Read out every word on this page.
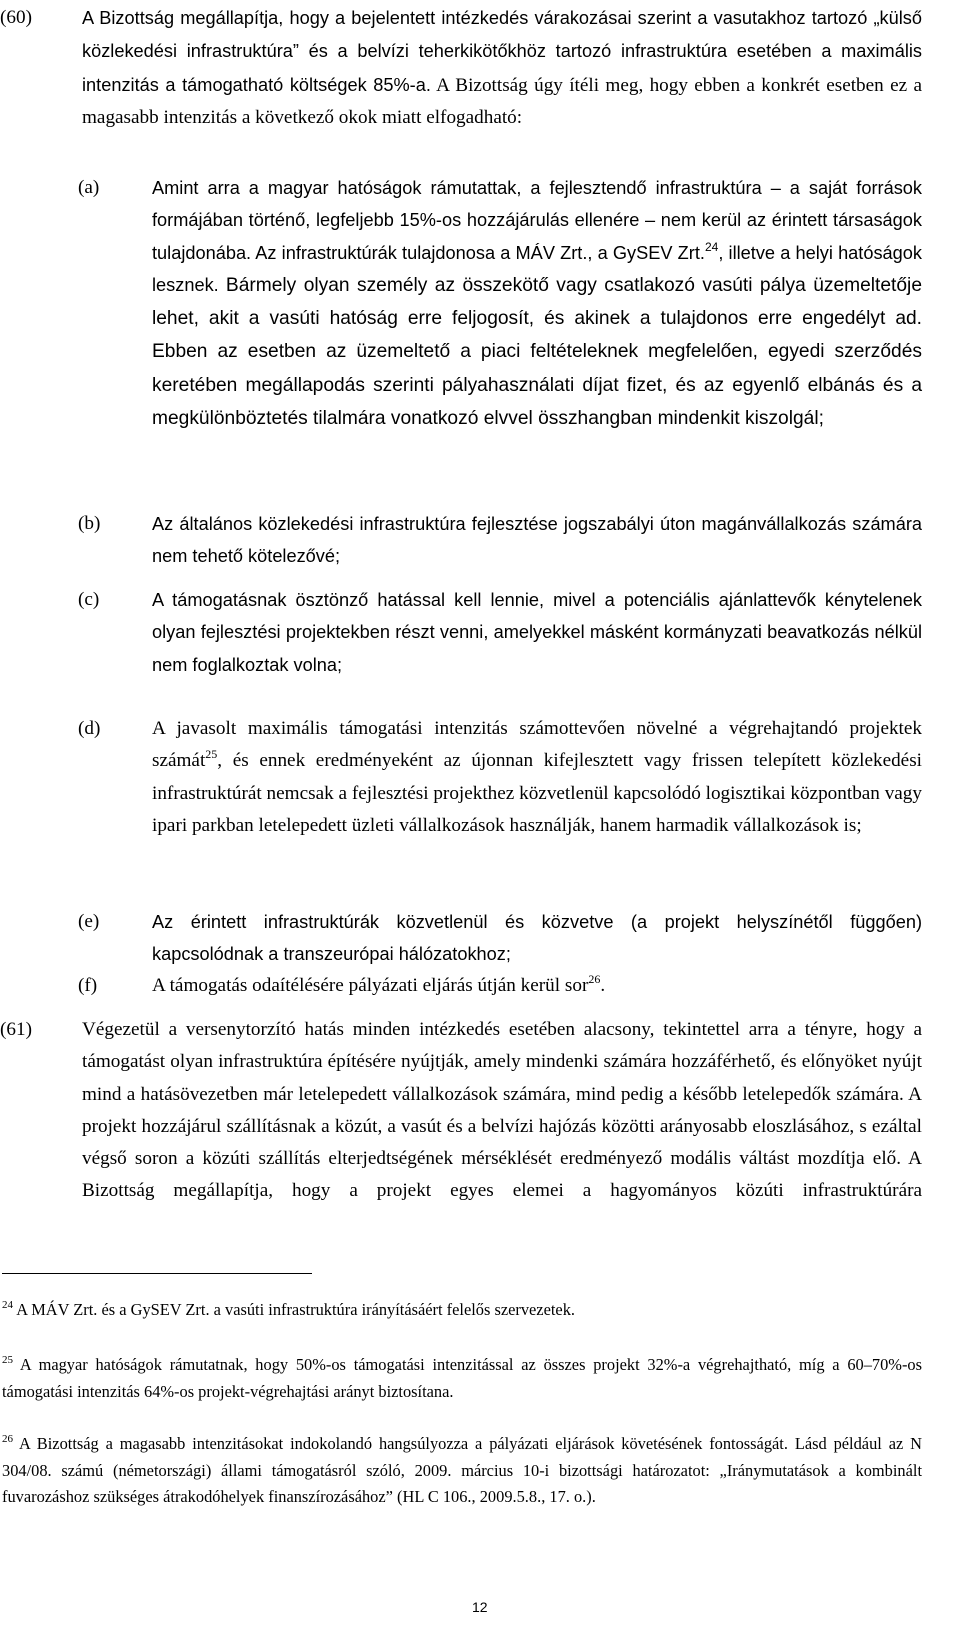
(60)	A Bizottság megállapítja, hogy a bejelentett intézkedés várakozásai szerint a vasutakhoz tartozó „külső közlekedési infrastruktúra” és a belvízi teherkikötőkhöz tartozó infrastruktúra esetében a maximális intenzitás a támogatható költségek 85%-a. A Bizottság úgy ítéli meg, hogy ebben a konkrét esetben ez a magasabb intenzitás a következő okok miatt elfogadható:
(a)	Amint arra a magyar hatóságok rámutattak, a fejlesztendő infrastruktúra – a saját források formájában történő, legfeljebb 15%-os hozzájárulás ellenére – nem kerül az érintett társaságok tulajdonába. Az infrastruktúrák tulajdonosa a MÁV Zrt., a GySEV Zrt.$^{24}$, illetve a helyi hatóságok lesznek. Bármely olyan személy az összekötő vagy csatlakozó vasúti pálya üzemeltetője lehet, akit a vasúti hatóság erre feljogosít, és akinek a tulajdonos erre engedélyt ad. Ebben az esetben az üzemeltető a piaci feltételeknek megfelelően, egyedi szerződés keretében megállapodás szerinti pályahasználati díjat fizet, és az egyenlő elbánás és a megkülönböztetés tilalmára vonatkozó elvvel összhangban mindenkit kiszolgál;
(b)	Az általános közlekedési infrastruktúra fejlesztése jogszabályi úton magánvállalkozás számára nem tehető kötelezővé;
(c)	A támogatásnak ösztönző hatással kell lennie, mivel a potenciális ajánlattevők kénytelenek olyan fejlesztési projektekben részt venni, amelyekkel másként kormányzati beavatkozás nélkül nem foglalkoztak volna;
(d)	A javasolt maximális támogatási intenzitás számottevően növelné a végrehajtandó projektek számát$^{25}$, és ennek eredményeként az újonnan kifejlesztett vagy frissen telepített közlekedési infrastruktúrát nemcsak a fejlesztési projekthez közvetlenül kapcsolódó logisztikai központban vagy ipari parkban letelepedett üzleti vállalkozások használják, hanem harmadik vállalkozások is;
(e)	Az érintett infrastruktúrák közvetlenül és közvetve (a projekt helyszínétől függően) kapcsolódnak a transzeurópai hálózatokhoz;
(f)	A támogatás odaítélésére pályázati eljárás útján kerül sor$^{26}$.
(61)	Végezetül a versenytorzító hatás minden intézkedés esetében alacsony, tekintettel arra a tényre, hogy a támogatást olyan infrastruktúra építésére nyújtják, amely mindenki számára hozzáférhető, és előnyöket nyújt mind a hatásövezetben már letelepedett vállalkozások számára, mind pedig a később letelepedők számára. A projekt hozzájárul szállításnak a közút, a vasút és a belvízi hajózás közötti arányosabb eloszlásához, s ezáltal végső soron a közúti szállítás elterjedtségének mérséklését eredményező modális váltást mozdítja elő. A Bizottság megállapítja, hogy a projekt egyes elemei a hagyományos közúti infrastruktúrára
$^{24}$ A MÁV Zrt. és a GySEV Zrt. a vasúti infrastruktúra irányításáért felelős szervezetek.
$^{25}$ A magyar hatóságok rámutatnak, hogy 50%-os támogatási intenzitással az összes projekt 32%-a végrehajtható, míg a 60–70%-os támogatási intenzitás 64%-os projekt-végrehajtási arányt biztosítana.
$^{26}$ A Bizottság a magasabb intenzitásokat indokolandó hangsúlyozza a pályázati eljárások követésének fontosságát. Lásd például az N 304/08. számú (németországi) állami támogatásról szóló, 2009. március 10-i bizottsági határozatot: „Iránymutatások a kombinált fuvarozáshoz szükséges átrakodóhelyek finanszírozásához” (HL C 106., 2009.5.8., 17. o.).
12
